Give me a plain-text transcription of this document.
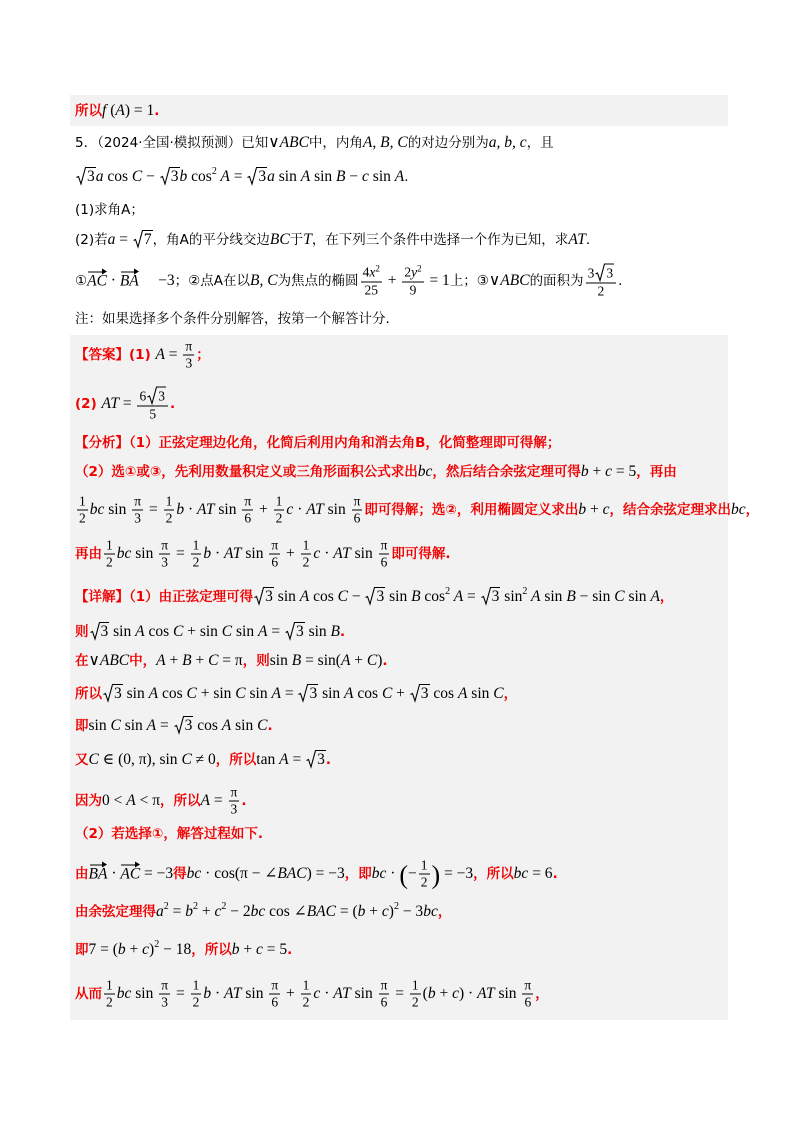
所以f (A) = 1.
5．（2024·全国·模拟预测）已知∨ABC中，内角A, B, C的对边分别为a, b, c，且
3 a cos C − 3 b $\cos^2 A = 3$ a sin A sin B − c sin A.
(1)求角A；
(2)若a = 7 ，角A的平分线交边BC于T，在下列三个条件中选择一个作为已知，求AT.
①AC · BA     −3；②点A在以B, C为焦点的椭圆 $\frac{4x^2}{25} + \frac{2y^2}{9} = 1$上；③∨ABC的面积为 $\frac{3 3}{2}$ .
注：如果选择多个条件分别解答，按第一个解答计分.
【答案】(1) $A = \frac{\pi}{3}$ ；
(2) AT = $\frac{6 3}{5}$ .
【分析】（1）正弦定理边化角，化简后利用内角和消去角B，化简整理即可得解；
（2）选①或③，先利用数量积定义或三角形面积公式求出bc，然后结合余弦定理可得b + c = 5，再由
$\frac{1}{2}$ bc $\sin \frac{\pi}{3} = \frac{1}{2}$ b · AT $\sin \frac{\pi}{6} + \frac{1}{2}$ c · AT $\sin \frac{\pi}{6}$ 即可得解；选②，利用椭圆定义求出b + c，结合余弦定理求出bc，
再由 $\frac{1}{2}$ bc $\sin \frac{\pi}{3} = \frac{1}{2}$ b · AT $\sin \frac{\pi}{6} + \frac{1}{2}$ c · AT $\sin \frac{\pi}{6}$ 即可得解.
【详解】（1）由正弦定理可得 3 sin A cos C − 3 sin B $\cos^2 A = 3$ $\sin^2 A$ sin B − sin C sin A，
则 3 sin A cos C + sin C sin A = 3 sin B.
在∨ABC中，A + B + C = π，则sin B = sin(A + C).
所以 3 sin A cos C + sin C sin A = 3 sin A cos C + 3 cos A sin C，
即sin C sin A = 3 cos A sin C.
又C ∈ (0, π), sin C ≠ 0，所以tan A = 3 .
因为0 < A < π，所以$A = \frac{\pi}{3}$ .
（2）若选择①，解答过程如下.
由BA · AC = −3得bc · cos(π − ∠BAC) = −3，即bc · (− $\frac{1}{2}$ ) = −3，所以bc = 6.
由余弦定理得$a^2 = b^2 + c^2 - 2bc$ cos ∠BAC = $(b + c)^2 - 3bc$，
即$7 = (b + c)^2 - 18$，所以b + c = 5.
从而 $\frac{1}{2}$ bc $\sin \frac{\pi}{3} = \frac{1}{2}$ b · AT $\sin \frac{\pi}{6} + \frac{1}{2}$ c · AT $\sin \frac{\pi}{6} = \frac{1}{2} (b + c)$ · AT $\sin \frac{\pi}{6}$ ，
